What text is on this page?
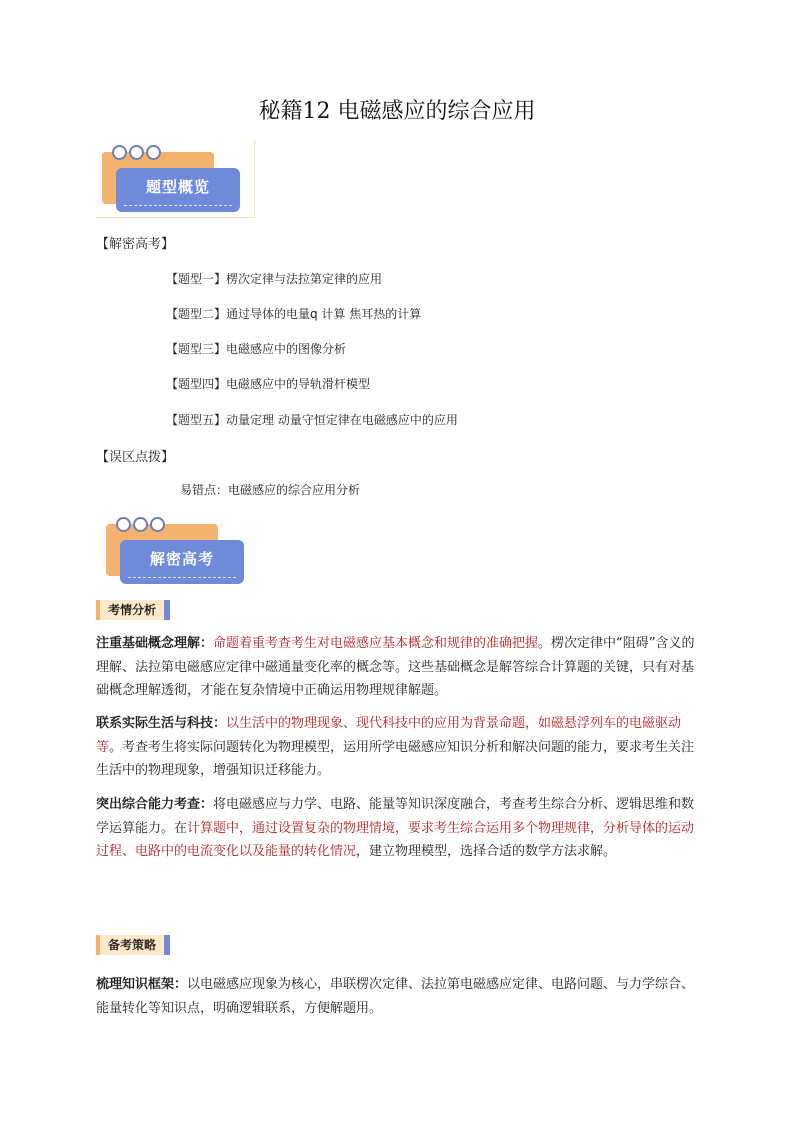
秘籍12 电磁感应的综合应用
题型概览
【解密高考】
【题型一】楞次定律与法拉第定律的应用
【题型二】通过导体的电量q 计算 焦耳热的计算
【题型三】电磁感应中的图像分析
【题型四】电磁感应中的导轨滑杆模型
【题型五】动量定理 动量守恒定律在电磁感应中的应用
【误区点拨】
易错点：电磁感应的综合应用分析
解密高考
考情分析
注重基础概念理解：命题着重考查考生对电磁感应基本概念和规律的准确把握。楞次定律中“阻碍”含义的理解、法拉第电磁感应定律中磁通量变化率的概念等。这些基础概念是解答综合计算题的关键，只有对基础概念理解透彻，才能在复杂情境中正确运用物理规律解题。
联系实际生活与科技：以生活中的物理现象、现代科技中的应用为背景命题，如磁悬浮列车的电磁驱动等。考查考生将实际问题转化为物理模型，运用所学电磁感应知识分析和解决问题的能力，要求考生关注生活中的物理现象，增强知识迁移能力。
突出综合能力考查：将电磁感应与力学、电路、能量等知识深度融合，考查考生综合分析、逻辑思维和数学运算能力。在计算题中，通过设置复杂的物理情境，要求考生综合运用多个物理规律，分析导体的运动过程、电路中的电流变化以及能量的转化情况，建立物理模型，选择合适的数学方法求解。
备考策略
梳理知识框架：以电磁感应现象为核心，串联楞次定律、法拉第电磁感应定律、电路问题、与力学综合、能量转化等知识点，明确逻辑联系，方便解题用。
